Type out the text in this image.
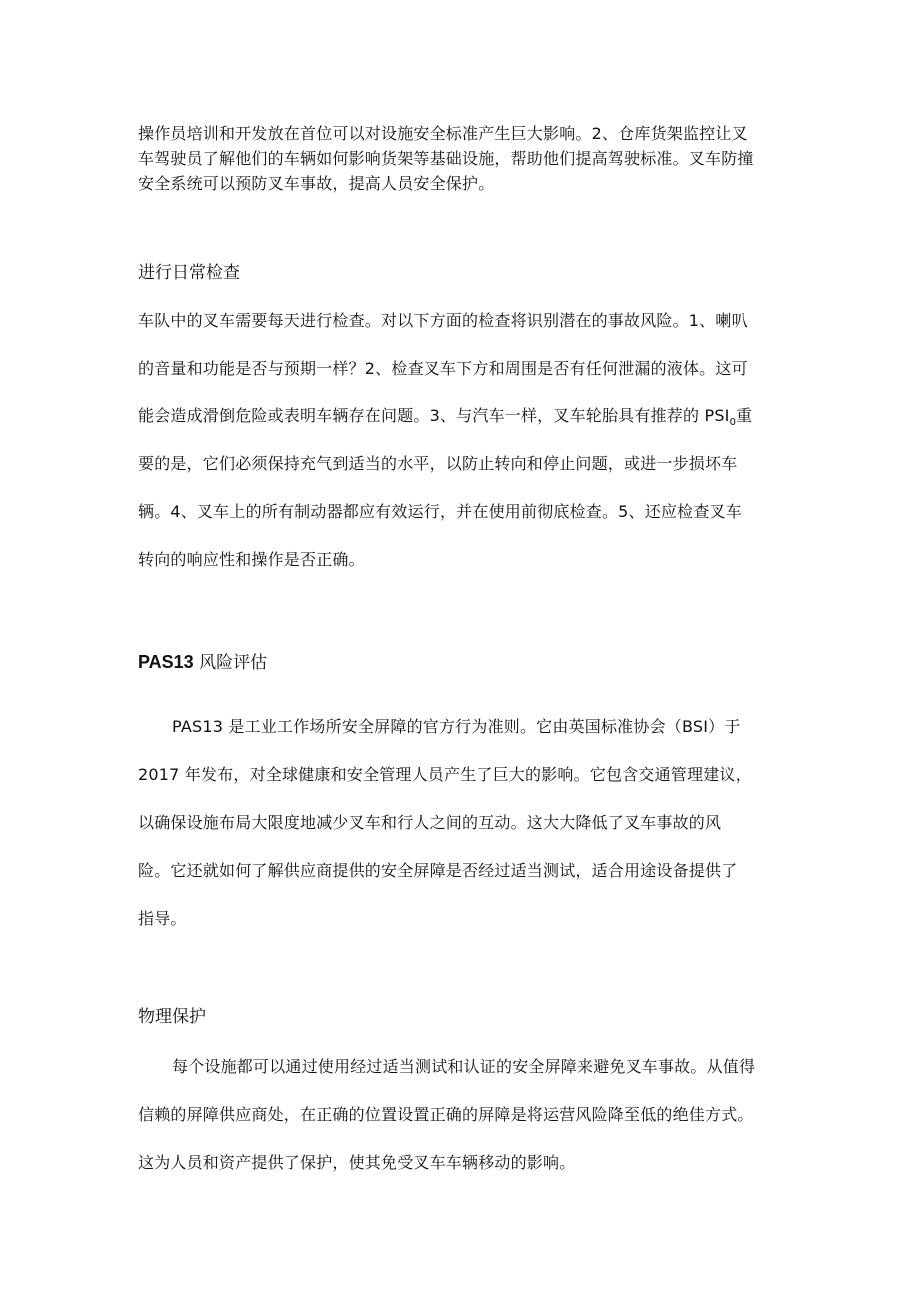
操作员培训和开发放在首位可以对设施安全标准产生巨大影响。2、仓库货架监控让叉
车驾驶员了解他们的车辆如何影响货架等基础设施，帮助他们提高驾驶标准。叉车防撞
安全系统可以预防叉车事故，提高人员安全保护。
进行日常检查
车队中的叉车需要每天进行检查。对以下方面的检查将识别潜在的事故风险。1、喇叭
的音量和功能是否与预期一样？2、检查叉车下方和周围是否有任何泄漏的液体。这可
能会造成滑倒危险或表明车辆存在问题。3、与汽车一样，叉车轮胎具有推荐的 $PSI_0$重
要的是，它们必须保持充气到适当的水平，以防止转向和停止问题，或进一步损坏车
辆。4、叉车上的所有制动器都应有效运行，并在使用前彻底检查。5、还应检查叉车
转向的响应性和操作是否正确。
PAS13 风险评估
PAS13 是工业工作场所安全屏障的官方行为准则。它由英国标准协会（BSI）于
2017 年发布，对全球健康和安全管理人员产生了巨大的影响。它包含交通管理建议，
以确保设施布局大限度地减少叉车和行人之间的互动。这大大降低了叉车事故的风
险。它还就如何了解供应商提供的安全屏障是否经过适当测试，适合用途设备提供了
指导。
物理保护
每个设施都可以通过使用经过适当测试和认证的安全屏障来避免叉车事故。从值得
信赖的屏障供应商处，在正确的位置设置正确的屏障是将运营风险降至低的绝佳方式。
这为人员和资产提供了保护，使其免受叉车车辆移动的影响。
